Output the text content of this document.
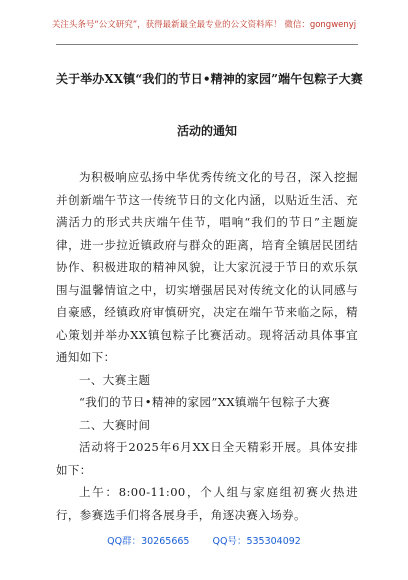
关注头条号“公文研究”，获得最新最全最专业的公文资料库！ 微信：gongwenyj
关于举办XX镇“我们的节日•精神的家园”端午包粽子大赛
活动的通知

为积极响应弘扬中华优秀传统文化的号召，深入挖掘并创新端午节这一传统节日的文化内涵，以贴近生活、充满活力的形式共庆端午佳节，唱响“我们的节日”主题旋律，进一步拉近镇政府与群众的距离，培育全镇居民团结协作、积极进取的精神风貌，让大家沉浸于节日的欢乐氛围与温馨情谊之中，切实增强居民对传统文化的认同感与自豪感，经镇政府审慎研究，决定在端午节来临之际，精心策划并举办XX镇包粽子比赛活动。现将活动具体事宜通知如下：

一、大赛主题

“我们的节日•精神的家园”XX镇端午包粽子大赛

二、大赛时间

活动将于2025年6月XX日全天精彩开展。具体安排如下：

上午：8:00-11:00，个人组与家庭组初赛火热进行，参赛选手们将各展身手，角逐决赛入场券。

QQ群：30265665 QQ号：535304092
